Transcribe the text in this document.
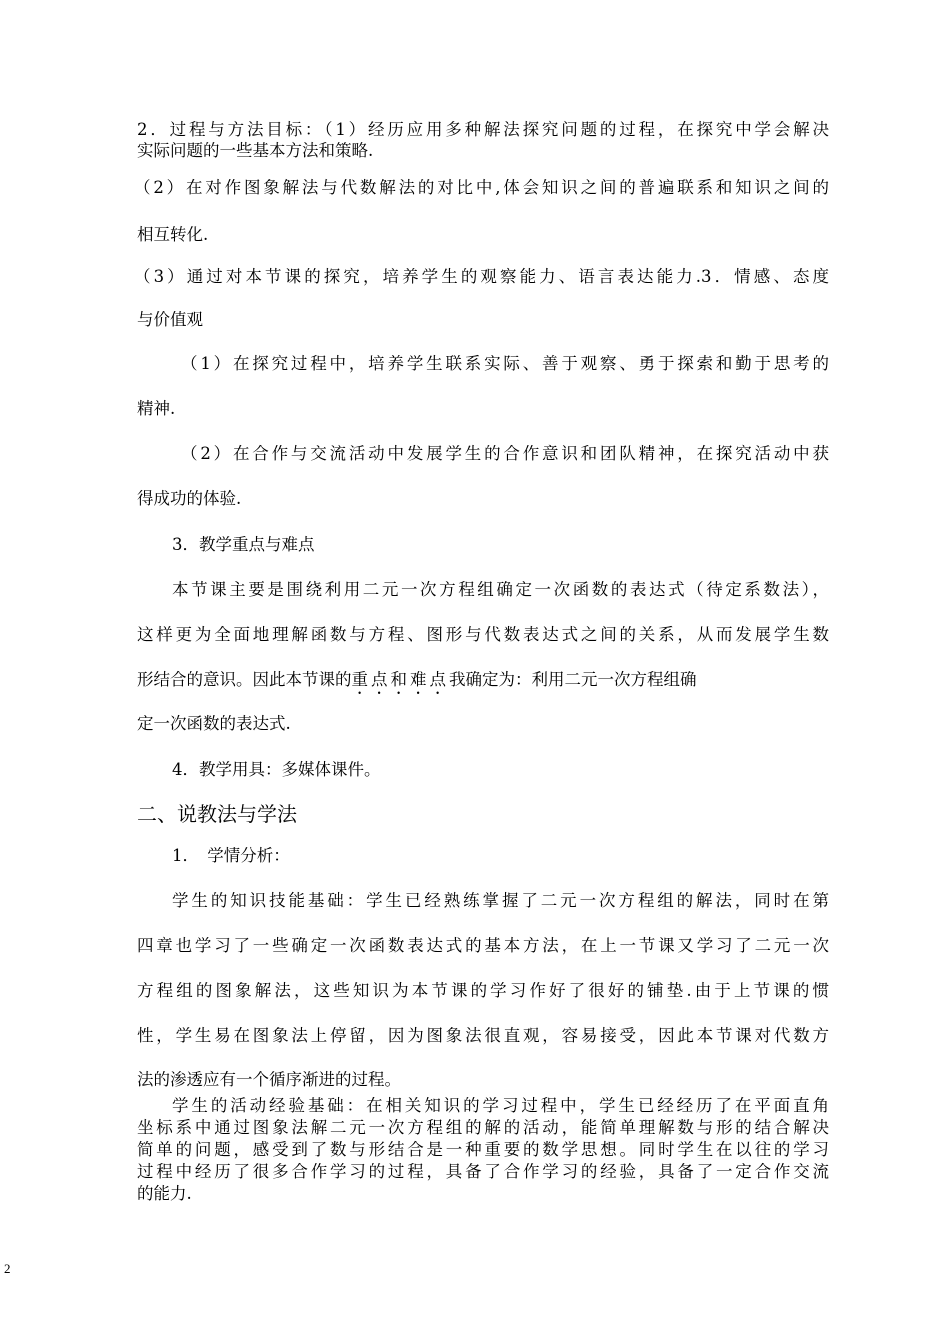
2．过程与方法目标：（1）经历应用多种解法探究问题的过程，在探究中学会解决
实际问题的一些基本方法和策略.
（2）在对作图象解法与代数解法的对比中,体会知识之间的普遍联系和知识之间的
相互转化.
（3）通过对本节课的探究，培养学生的观察能力、语言表达能力.3．情感、态度
与价值观
（1）在探究过程中，培养学生联系实际、善于观察、勇于探索和勤于思考的
精神.
（2）在合作与交流活动中发展学生的合作意识和团队精神，在探究活动中获
得成功的体验.
3．教学重点与难点
本节课主要是围绕利用二元一次方程组确定一次函数的表达式（待定系数法），
这样更为全面地理解函数与方程、图形与代数表达式之间的关系，从而发展学生数
形结合的意识。因此本节课的重点和难点我确定为：利用二元一次方程组确
定一次函数的表达式.
4．教学用具：多媒体课件。
二、说教法与学法
1．　学情分析：
学生的知识技能基础：学生已经熟练掌握了二元一次方程组的解法，同时在第
四章也学习了一些确定一次函数表达式的基本方法，在上一节课又学习了二元一次
方程组的图象解法，这些知识为本节课的学习作好了很好的铺垫.由于上节课的惯
性，学生易在图象法上停留，因为图象法很直观，容易接受，因此本节课对代数方
法的渗透应有一个循序渐进的过程。
学生的活动经验基础：在相关知识的学习过程中，学生已经经历了在平面直角
坐标系中通过图象法解二元一次方程组的解的活动，能简单理解数与形的结合解决
简单的问题，感受到了数与形结合是一种重要的数学思想。同时学生在以往的学习
过程中经历了很多合作学习的过程，具备了合作学习的经验，具备了一定合作交流
的能力.
2
